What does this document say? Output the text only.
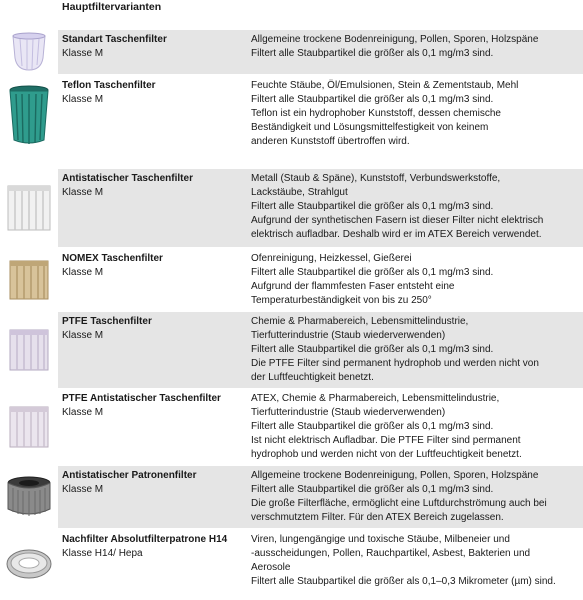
Hauptfiltervarianten
Standart Taschenfilter
Klasse M
Allgemeine trockene Bodenreinigung, Pollen, Sporen, Holzspäne
Filtert alle Staubpartikel die größer als 0,1 mg/m3 sind.
Teflon Taschenfilter
Klasse M
Feuchte Stäube, Öl/Emulsionen, Stein & Zementstaub, Mehl
Filtert alle Staubpartikel die größer als 0,1 mg/m3 sind.
Teflon ist ein hydrophober Kunststoff, dessen chemische
Beständigkeit und Lösungsmittelfestigkeit von keinem
anderen Kunststoff übertroffen wird.
Antistatischer Taschenfilter
Klasse M
Metall (Staub & Späne), Kunststoff, Verbundswerkstoffe,
Lackstäube, Strahlgut
Filtert alle Staubpartikel die größer als 0,1 mg/m3 sind.
Aufgrund der synthetischen Fasern ist dieser Filter nicht elektrisch
elektrisch aufladbar. Deshalb wird er im ATEX Bereich verwendet.
NOMEX Taschenfilter
Klasse M
Ofenreinigung, Heizkessel, Gießerei
Filtert alle Staubpartikel die größer als 0,1 mg/m3 sind.
Aufgrund der flammfesten Faser entsteht eine
Temperaturbeständigkeit von bis zu 250°
PTFE Taschenfilter
Klasse M
Chemie & Pharmabereich, Lebensmittelindustrie,
Tierfutterindustrie (Staub wiederverwenden)
Filtert alle Staubpartikel die größer als 0,1 mg/m3 sind.
Die PTFE Filter sind permanent hydrophob und werden nicht von
der Luftfeuchtigkeit benetzt.
PTFE Antistatischer Taschenfilter
Klasse M
ATEX, Chemie & Pharmabereich, Lebensmittelindustrie,
Tierfutterindustrie (Staub wiederverwenden)
Filtert alle Staubpartikel die größer als 0,1 mg/m3 sind.
Ist nicht elektrisch Aufladbar. Die PTFE Filter sind permanent
hydrophob und werden nicht von der Luftfeuchtigkeit benetzt.
Antistatischer Patronenfilter
Klasse M
Allgemeine trockene Bodenreinigung, Pollen, Sporen, Holzspäne
Filtert alle Staubpartikel die größer als 0,1 mg/m3 sind.
Die große Filterfläche, ermöglicht eine Luftdurchströmung auch bei
verschmutztem Filter. Für den ATEX Bereich zugelassen.
Nachfilter Absolutfilterpatrone H14
Klasse H14/ Hepa
Viren, lungengängige und toxische Stäube, Milbeneier und
-ausscheidungen, Pollen, Rauchpartikel, Asbest, Bakterien und
Aerosole
Filtert alle Staubpartikel die größer als 0,1–0,3 Mikrometer (µm) sind.
